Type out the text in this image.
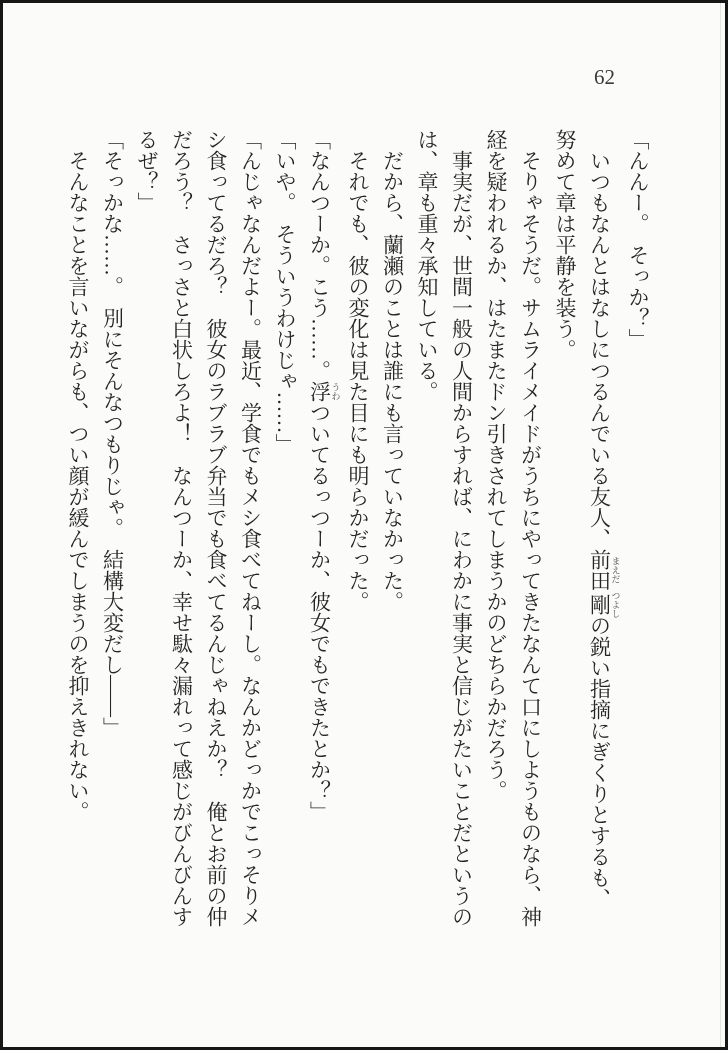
62

「んんー。　そっか？」

いつもなんとはなしにつるんでいる友人、前田 まえだ剛 つよしの鋭い指摘にぎくりとするも、努めて章は平静を装う。

そりゃそうだ。サムライメイドがうちにやってきたなんて口にしようものなら、神経を疑われるか、はたまたドン引きされてしまうかのどちらかだろう。

事実だが、世間一般の人間からすれば、にわかに事実と信じがたいことだというのは、章も重々承知している。

だから、蘭瀬のことは誰にも言っていなかった。

それでも、彼の変化は見た目にも明らかだった。

「なんつーか。こう……。浮 うわついてるっつーか、彼女でもできたとか？」

「いや。　そういうわけじゃ……」

「んじゃなんだよー。最近、学食でもメシ食べてねーし。なんかどっかでこっそりメシ食ってるだろ？　彼女のラブラブ弁当でも食べてるんじゃねえか？　俺とお前の仲だろう？　さっさと白状しろよ！　なんつーか、幸せ駄々漏れって感じがびんびんするぜ？」

「そっかな……。　別にそんなつもりじゃ。　結構大変だし――」

そんなことを言いながらも、つい顔が緩んでしまうのを抑えきれない。
